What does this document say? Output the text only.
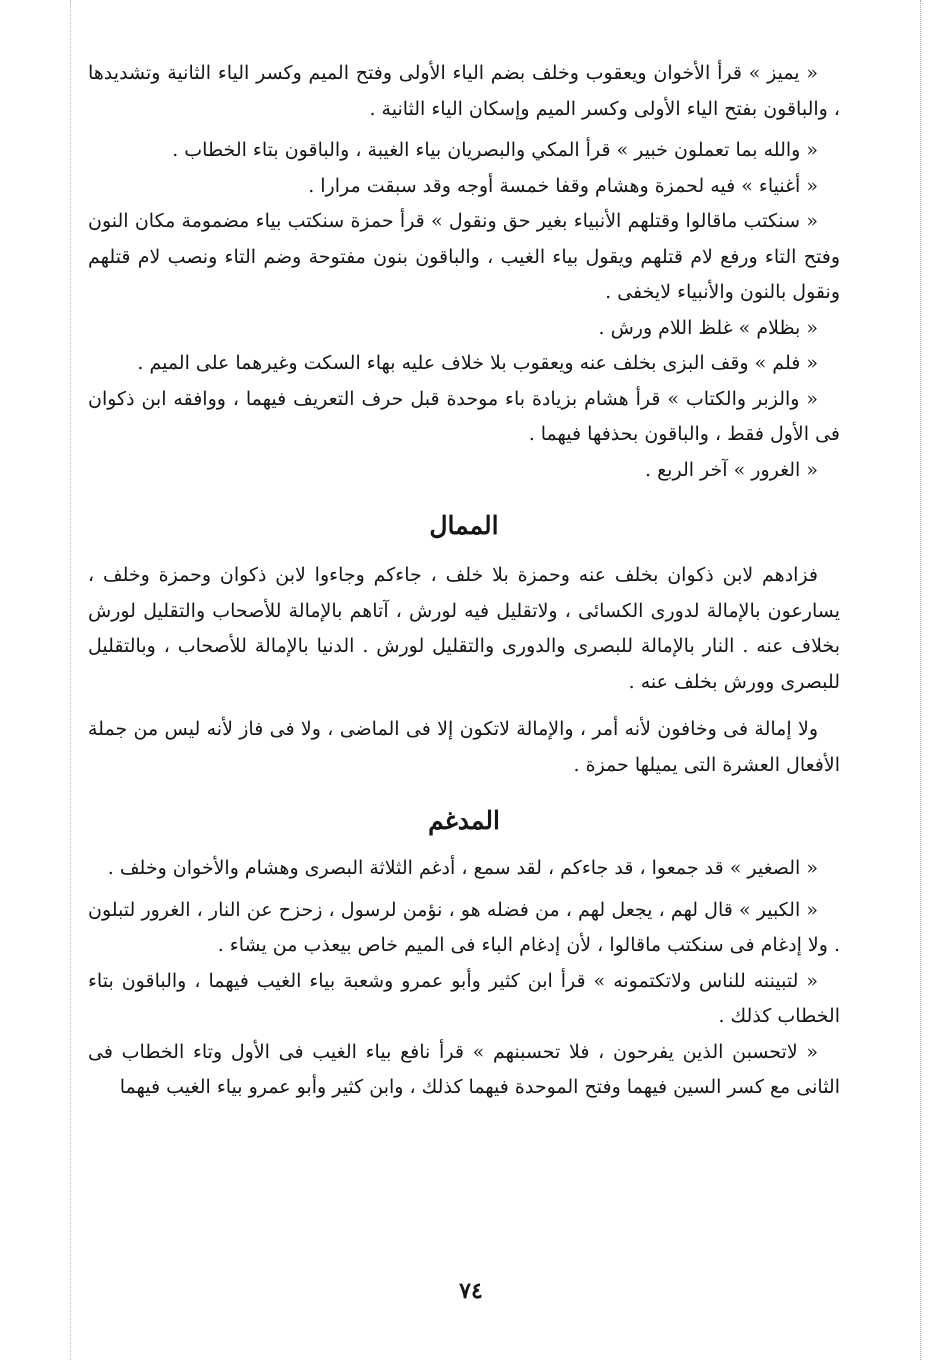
« يميز » قرأ الأخوان ويعقوب وخلف بضم الياء الأولى وفتح الميم وكسر الياء الثانية وتشديدها ، والباقون بفتح الياء الأولى وكسر الميم وإسكان الياء الثانية .

« والله بما تعملون خبير » قرأ المكي والبصريان بياء الغيبة ، والباقون بتاء الخطاب .

« أغنياء » فيه لحمزة وهشام وقفا خمسة أوجه وقد سبقت مرارا .

« سنكتب ماقالوا وقتلهم الأنبياء بغير حق ونقول » قرأ حمزة سنكتب بياء مضمومة مكان النون وفتح التاء ورفع لام قتلهم ويقول بياء الغيب ، والباقون بنون مفتوحة وضم التاء ونصب لام قتلهم ونقول بالنون والأنبياء لايخفى .

« بظلام » غلظ اللام ورش .

« فلم » وقف البزى بخلف عنه ويعقوب بلا خلاف عليه بهاء السكت وغيرهما على الميم .

« والزبر والكتاب » قرأ هشام بزيادة باء موحدة قبل حرف التعريف فيهما ، ووافقه ابن ذكوان فى الأول فقط ، والباقون بحذفها فيهما .

« الغرور » آخر الربع .

الممال

فزادهم لابن ذكوان بخلف عنه وحمزة بلا خلف ، جاءكم وجاءوا لابن ذكوان وحمزة وخلف ، يسارعون بالإمالة لدورى الكسائى ، ولاتقليل فيه لورش ، آتاهم بالإمالة للأصحاب والتقليل لورش بخلاف عنه . النار بالإمالة للبصرى والدورى والتقليل لورش . الدنيا بالإمالة للأصحاب ، وبالتقليل للبصرى وورش بخلف عنه .

ولا إمالة فى وخافون لأنه أمر ، والإمالة لاتكون إلا فى الماضى ، ولا فى فاز لأنه ليس من جملة الأفعال العشرة التى يميلها حمزة .

المدغم

« الصغير » قد جمعوا ، قد جاءكم ، لقد سمع ، أدغم الثلاثة البصرى وهشام والأخوان وخلف .

« الكبير » قال لهم ، يجعل لهم ، من فضله هو ، نؤمن لرسول ، زحزح عن النار ، الغرور لتبلون . ولا إدغام فى سنكتب ماقالوا ، لأن إدغام الباء فى الميم خاص بيعذب من يشاء .

« لتبيننه للناس ولاتكتمونه » قرأ ابن كثير وأبو عمرو وشعبة بياء الغيب فيهما ، والباقون بتاء الخطاب كذلك .

« لاتحسبن الذين يفرحون ، فلا تحسبنهم » قرأ نافع بياء الغيب فى الأول وتاء الخطاب فى الثانى مع كسر السين فيهما وفتح الموحدة فيهما كذلك ، وابن كثير وأبو عمرو بياء الغيب فيهما

٧٤
